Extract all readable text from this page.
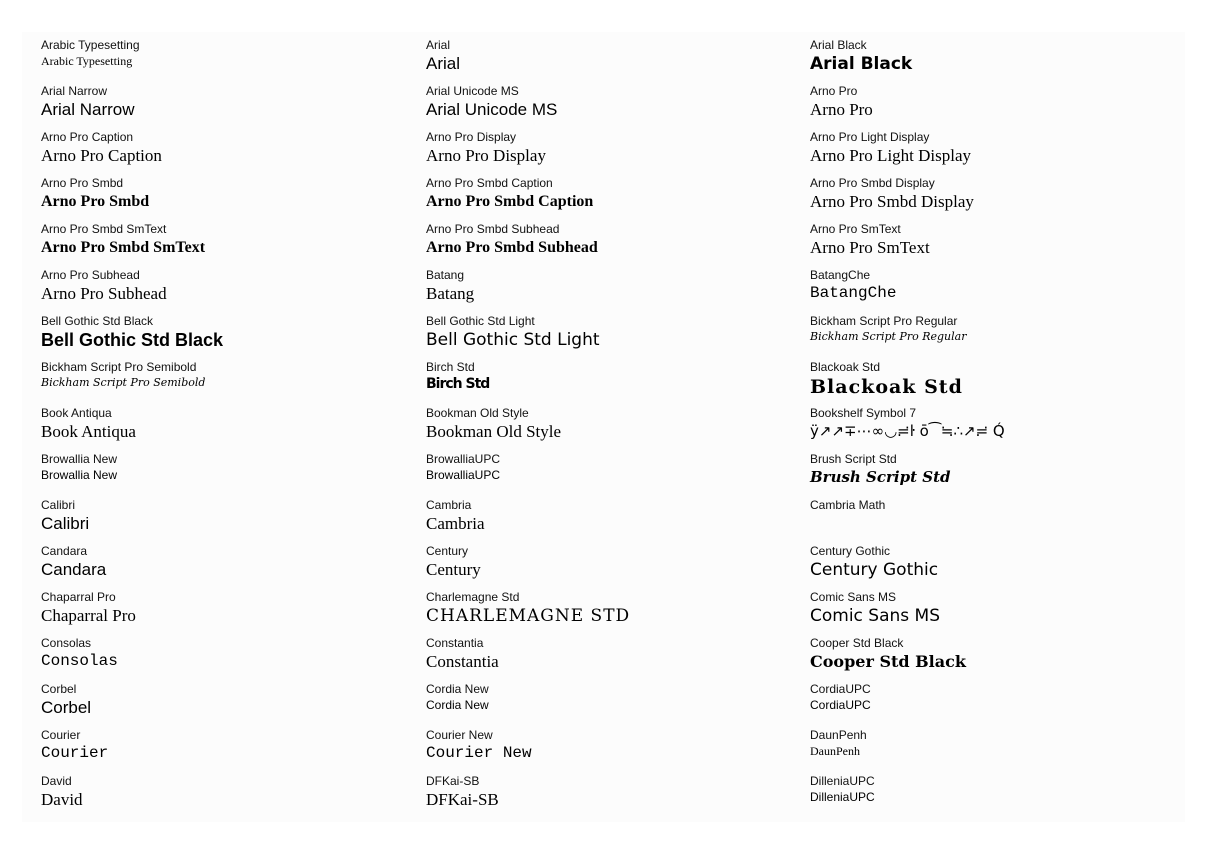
Arabic Typesetting
Arabic Typesetting
Arial Narrow
Arial Narrow
Arno Pro Caption
Arno Pro Caption
Arno Pro Smbd
Arno Pro Smbd
Arno Pro Smbd SmText
Arno Pro Smbd SmText
Arno Pro Subhead
Arno Pro Subhead
Bell Gothic Std Black
Bell Gothic Std Black
Bickham Script Pro Semibold
Bickham Script Pro Semibold
Book Antiqua
Book Antiqua
Browallia New
Browallia New
Calibri
Calibri
Candara
Candara
Chaparral Pro
Chaparral Pro
Consolas
Consolas
Corbel
Corbel
Courier
Courier
David
David
Arial
Arial
Arial Unicode MS
Arial Unicode MS
Arno Pro Display
Arno Pro Display
Arno Pro Smbd Caption
Arno Pro Smbd Caption
Arno Pro Smbd Subhead
Arno Pro Smbd Subhead
Batang
Batang
Bell Gothic Std Light
Bell Gothic Std Light
Birch Std
Birch Std
Bookman Old Style
Bookman Old Style
BrowalliaUPC
BrowalliaUPC
Cambria
Cambria
Century
Century
Charlemagne Std
CHARLEMAGNE STD
Constantia
Constantia
Cordia New
Cordia New
Courier New
Courier New
DFKai-SB
DFKai-SB
Arial Black
Arial Black
Arno Pro
Arno Pro
Arno Pro Light Display
Arno Pro Light Display
Arno Pro Smbd Display
Arno Pro Smbd Display
Arno Pro SmText
Arno Pro SmText
BatangChe
BatangChe
Bickham Script Pro Regular
Bickham Script Pro Regular
Blackoak Std
Blackoak Std
Bookshelf Symbol 7
ÿ↗↗∓⋯∞◡≓ŀ ō⁀≒∴↗≓ Q́
Brush Script Std
Brush Script Std
Cambria Math
Century Gothic
Century Gothic
Comic Sans MS
Comic Sans MS
Cooper Std Black
Cooper Std Black
CordiaUPC
CordiaUPC
DaunPenh
DaunPenh
DilleniaUPC
DilleniaUPC
